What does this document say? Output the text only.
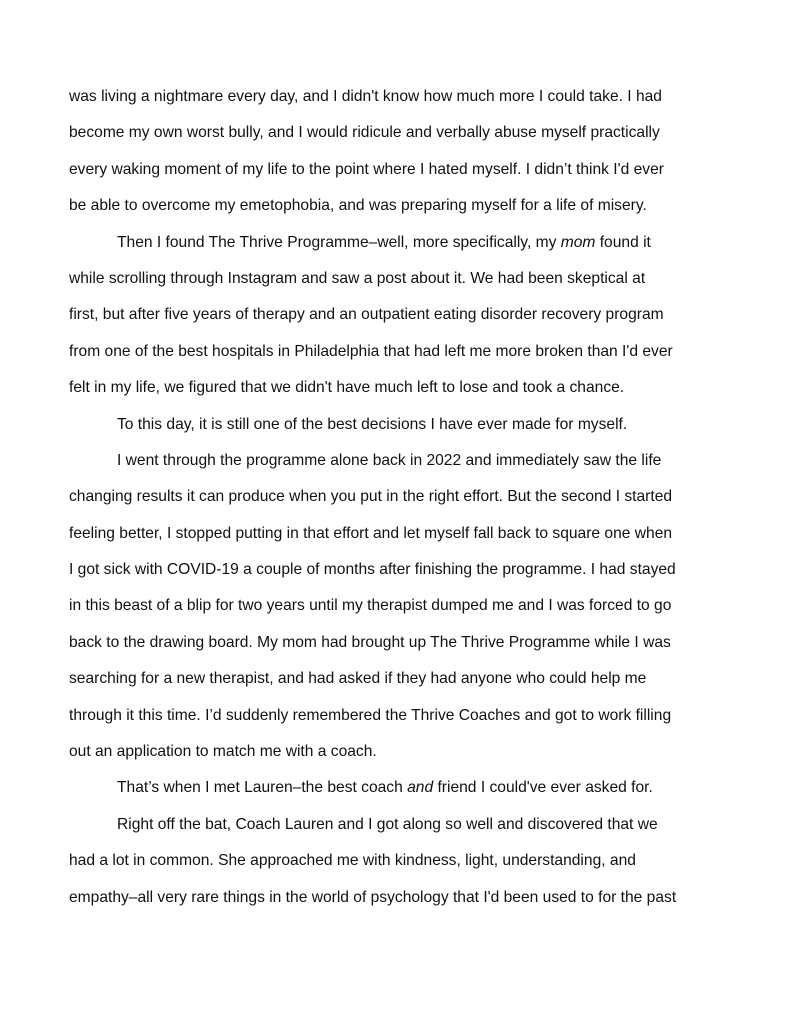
was living a nightmare every day, and I didn't know how much more I could take. I had
become my own worst bully, and I would ridicule and verbally abuse myself practically
every waking moment of my life to the point where I hated myself. I didn’t think I'd ever
be able to overcome my emetophobia, and was preparing myself for a life of misery.
Then I found The Thrive Programme–well, more specifically, my mom found it
while scrolling through Instagram and saw a post about it. We had been skeptical at
first, but after five years of therapy and an outpatient eating disorder recovery program
from one of the best hospitals in Philadelphia that had left me more broken than I'd ever
felt in my life, we figured that we didn't have much left to lose and took a chance.
To this day, it is still one of the best decisions I have ever made for myself.
I went through the programme alone back in 2022 and immediately saw the life
changing results it can produce when you put in the right effort. But the second I started
feeling better, I stopped putting in that effort and let myself fall back to square one when
I got sick with COVID-19 a couple of months after finishing the programme. I had stayed
in this beast of a blip for two years until my therapist dumped me and I was forced to go
back to the drawing board. My mom had brought up The Thrive Programme while I was
searching for a new therapist, and had asked if they had anyone who could help me
through it this time. I’d suddenly remembered the Thrive Coaches and got to work filling
out an application to match me with a coach.
That’s when I met Lauren–the best coach and friend I could've ever asked for.
Right off the bat, Coach Lauren and I got along so well and discovered that we
had a lot in common. She approached me with kindness, light, understanding, and
empathy–all very rare things in the world of psychology that I'd been used to for the past
